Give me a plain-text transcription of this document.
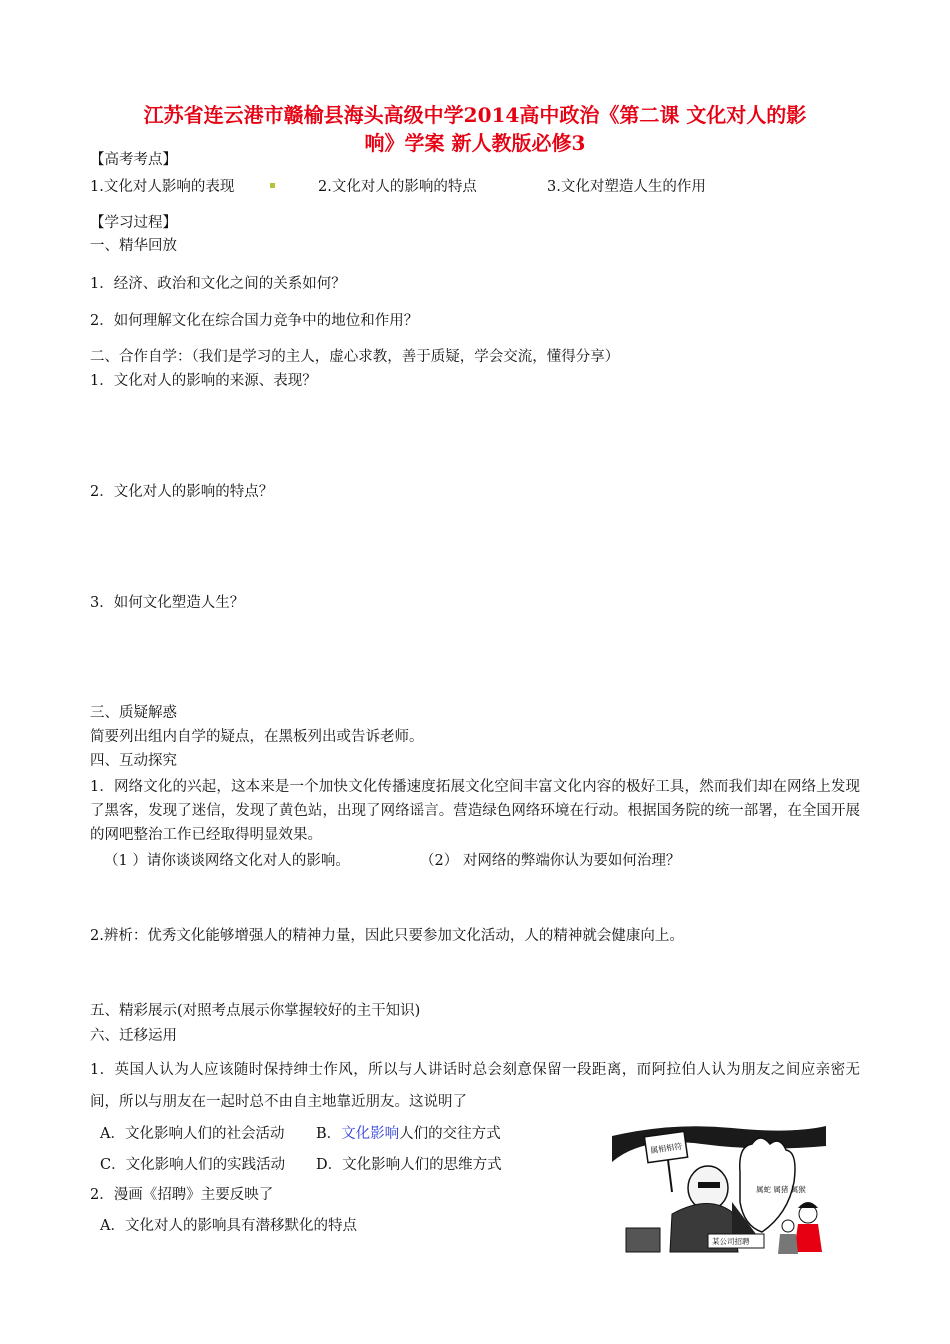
江苏省连云港市赣榆县海头高级中学2014高中政治《第二课 文化对人的影
响》学案 新人教版必修3
【高考考点】
1.文化对人影响的表现	2.文化对人的影响的特点	3.文化对塑造人生的作用
【学习过程】
一、精华回放
1．经济、政治和文化之间的关系如何？
2．如何理解文化在综合国力竞争中的地位和作用？
二、合作自学：（我们是学习的主人，虚心求教，善于质疑，学会交流，懂得分享）
1．文化对人的影响的来源、表现？
2．文化对人的影响的特点？
3．如何文化塑造人生？
三、质疑解惑
简要列出组内自学的疑点，在黑板列出或告诉老师。
四、互动探究
1．网络文化的兴起，这本来是一个加快文化传播速度拓展文化空间丰富文化内容的极好工具，然而我们却在网络上发现了黑客，发现了迷信，发现了黄色站，出现了网络谣言。营造绿色网络环境在行动。根据国务院的统一部署，在全国开展的网吧整治工作已经取得明显效果。
（1 ）请你谈谈网络文化对人的影响。	（2） 对网络的弊端你认为要如何治理？
2.辨析：优秀文化能够增强人的精神力量，因此只要参加文化活动，人的精神就会健康向上。
五、精彩展示(对照考点展示你掌握较好的主干知识)
六、迁移运用
1．英国人认为人应该随时保持绅士作风，所以与人讲话时总会刻意保留一段距离，而阿拉伯人认为朋友之间应亲密无间，所以与朋友在一起时总不由自主地靠近朋友。这说明了
A．文化影响人们的社会活动 B．文化影响人们的交往方式
C．文化影响人们的实践活动 D．文化影响人们的思维方式
2．漫画《招聘》主要反映了
A．文化对人的影响具有潜移默化的特点
属相相符
属蛇 属猪 属猴
某公司招聘
